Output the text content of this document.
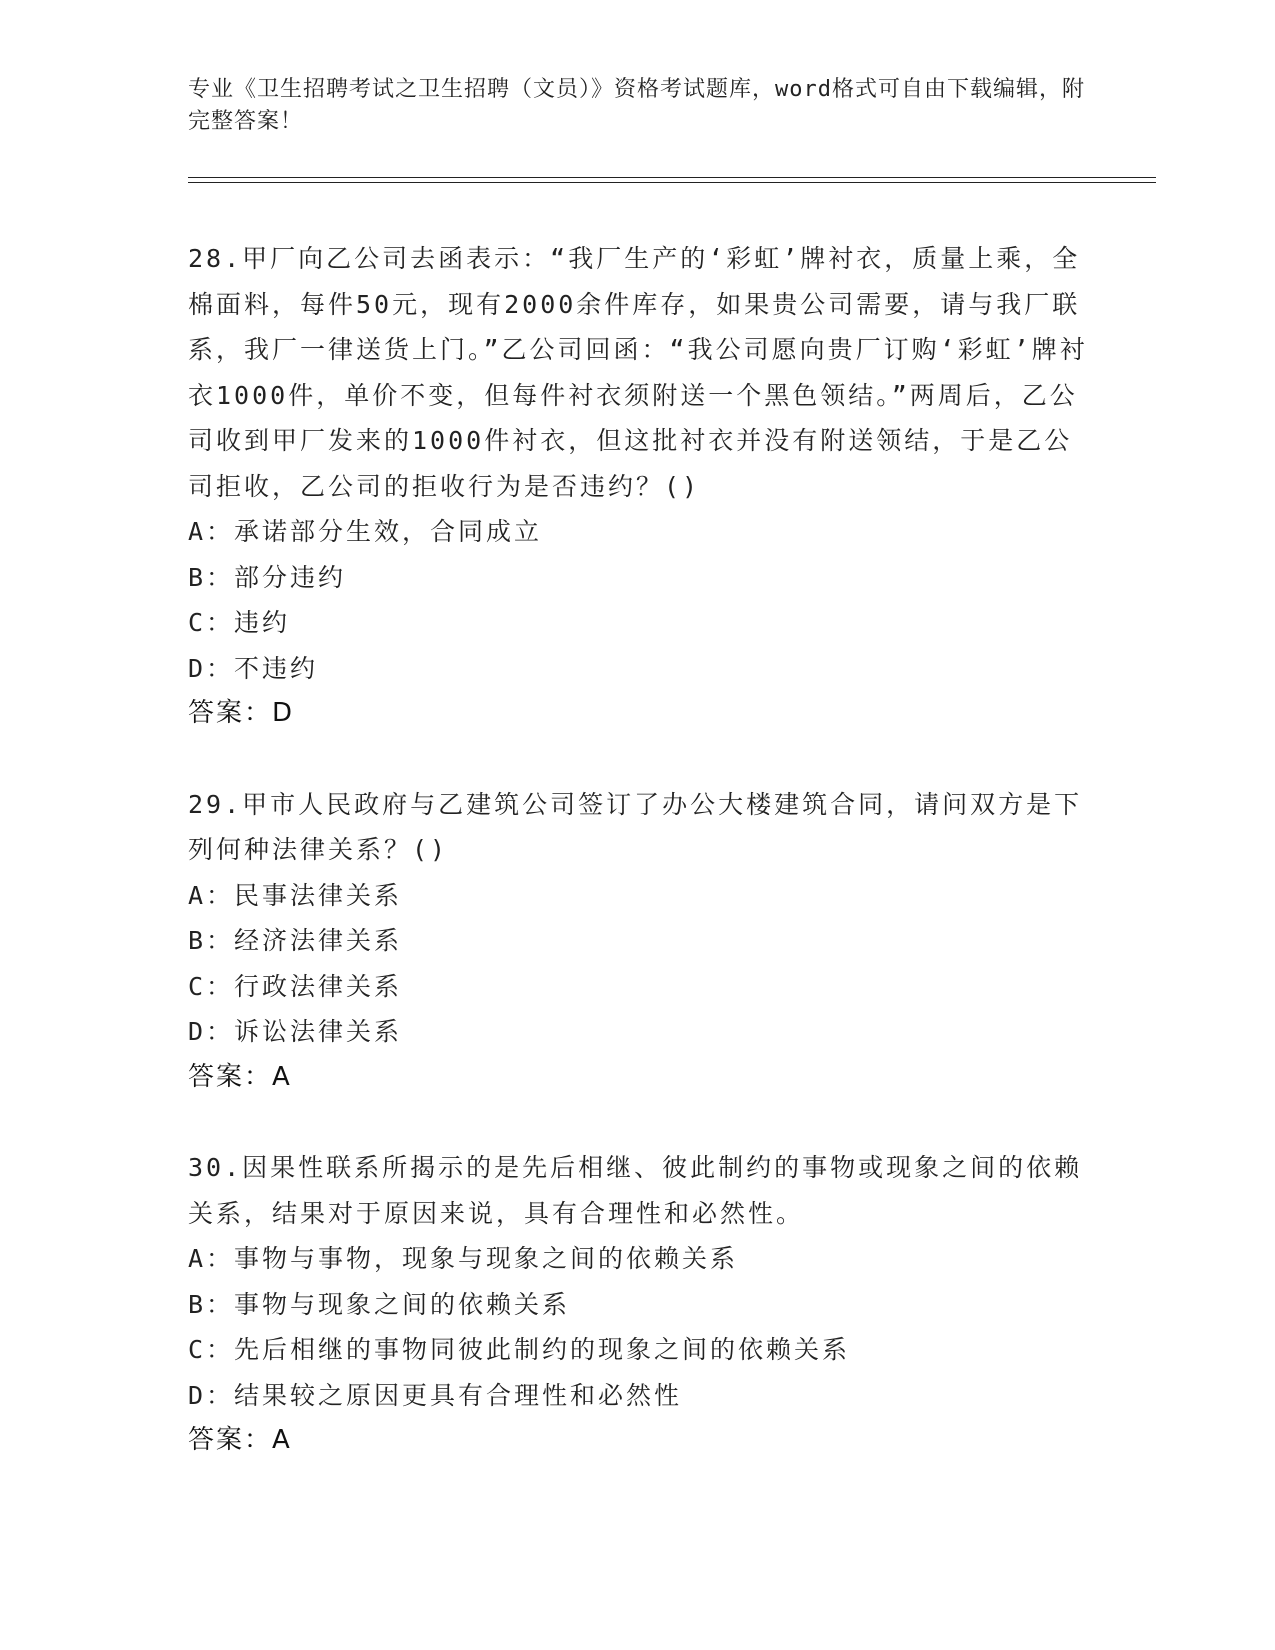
专业《卫生招聘考试之卫生招聘（文员）》资格考试题库，word格式可自由下载编辑，附完整答案！

28.甲厂向乙公司去函表示：“我厂生产的‘彩虹’牌衬衣，质量上乘，全棉面料，每件50元，现有2000余件库存，如果贵公司需要，请与我厂联系，我厂一律送货上门。”乙公司回函：“我公司愿向贵厂订购‘彩虹’牌衬衣1000件，单价不变，但每件衬衣须附送一个黑色领结。”两周后，乙公司收到甲厂发来的1000件衬衣，但这批衬衣并没有附送领结，于是乙公司拒收，乙公司的拒收行为是否违约？()

A：承诺部分生效，合同成立

B：部分违约

C：违约

D：不违约

答案：D

29.甲市人民政府与乙建筑公司签订了办公大楼建筑合同，请问双方是下列何种法律关系？()

A：民事法律关系

B：经济法律关系

C：行政法律关系

D：诉讼法律关系

答案：A

30.因果性联系所揭示的是先后相继、彼此制约的事物或现象之间的依赖关系，结果对于原因来说，具有合理性和必然性。

A：事物与事物，现象与现象之间的依赖关系

B：事物与现象之间的依赖关系

C：先后相继的事物同彼此制约的现象之间的依赖关系

D：结果较之原因更具有合理性和必然性

答案：A
